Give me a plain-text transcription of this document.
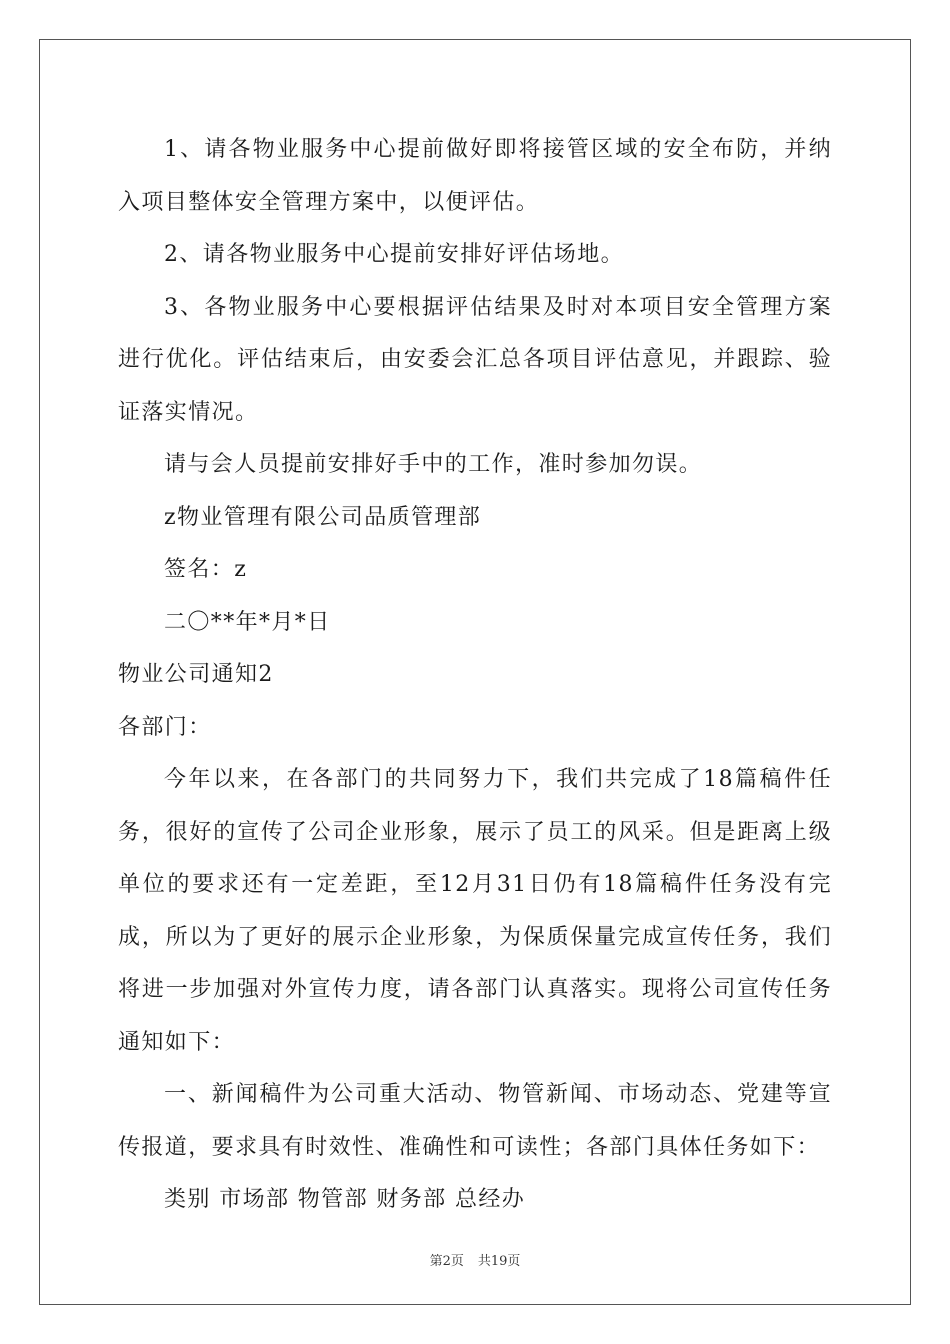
1、请各物业服务中心提前做好即将接管区域的安全布防，并纳入项目整体安全管理方案中，以便评估。

2、请各物业服务中心提前安排好评估场地。

3、各物业服务中心要根据评估结果及时对本项目安全管理方案进行优化。评估结束后，由安委会汇总各项目评估意见，并跟踪、验证落实情况。

请与会人员提前安排好手中的工作，准时参加勿误。

z物业管理有限公司品质管理部

签名：z

二〇**年*月*日

物业公司通知2

各部门：

今年以来，在各部门的共同努力下，我们共完成了18篇稿件任务，很好的宣传了公司企业形象，展示了员工的风采。但是距离上级单位的要求还有一定差距，至12月31日仍有18篇稿件任务没有完成，所以为了更好的展示企业形象，为保质保量完成宣传任务，我们将进一步加强对外宣传力度，请各部门认真落实。现将公司宣传任务通知如下：

一、新闻稿件为公司重大活动、物管新闻、市场动态、党建等宣传报道，要求具有时效性、准确性和可读性；各部门具体任务如下：

类别 市场部 物管部 财务部 总经办

第2页 共19页
